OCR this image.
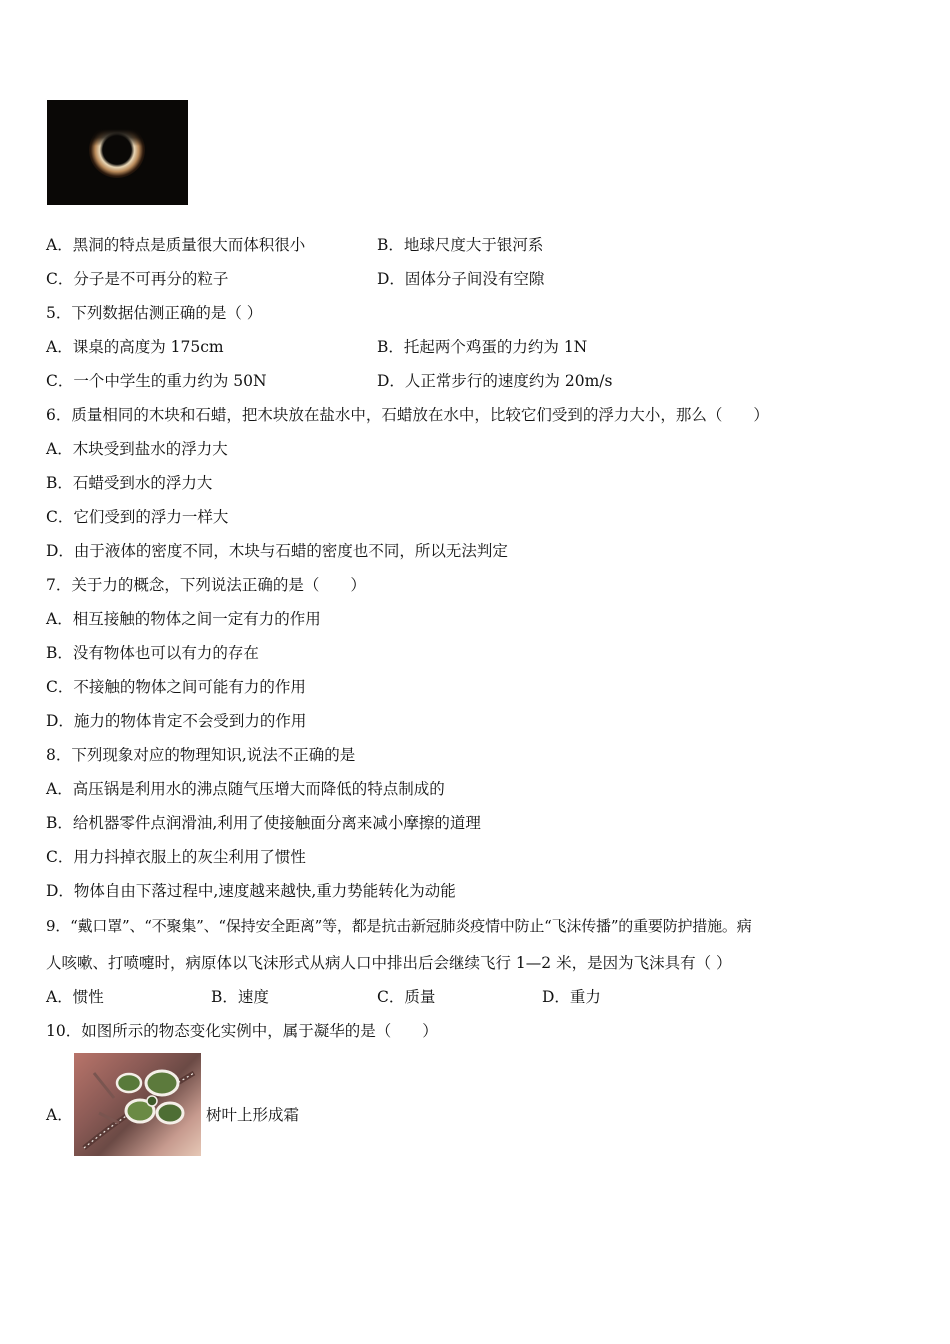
A．黑洞的特点是质量很大而体积很小	B．地球尺度大于银河系
C．分子是不可再分的粒子	D．固体分子间没有空隙
5．下列数据估测正确的是（ ）
A．课桌的高度为 175cm	B．托起两个鸡蛋的力约为 1N
C．一个中学生的重力约为 50N	D．人正常步行的速度约为 20m/s
6．质量相同的木块和石蜡，把木块放在盐水中，石蜡放在水中，比较它们受到的浮力大小，那么（　　）
A．木块受到盐水的浮力大
B．石蜡受到水的浮力大
C．它们受到的浮力一样大
D．由于液体的密度不同，木块与石蜡的密度也不同，所以无法判定
7．关于力的概念，下列说法正确的是（　　）
A．相互接触的物体之间一定有力的作用
B．没有物体也可以有力的存在
C．不接触的物体之间可能有力的作用
D．施力的物体肯定不会受到力的作用
8．下列现象对应的物理知识,说法不正确的是
A．高压锅是利用水的沸点随气压增大而降低的特点制成的
B．给机器零件点润滑油,利用了使接触面分离来减小摩擦的道理
C．用力抖掉衣服上的灰尘利用了惯性
D．物体自由下落过程中,速度越来越快,重力势能转化为动能
9．“戴口罩”、“不聚集”、“保持安全距离”等，都是抗击新冠肺炎疫情中防止“飞沫传播”的重要防护措施。病
人咳嗽、打喷嚏时，病原体以飞沫形式从病人口中排出后会继续飞行 1—2 米，是因为飞沫具有（ ）
A．惯性	B．速度	C．质量	D．重力
10．如图所示的物态变化实例中，属于凝华的是（　　）
A．	树叶上形成霜
